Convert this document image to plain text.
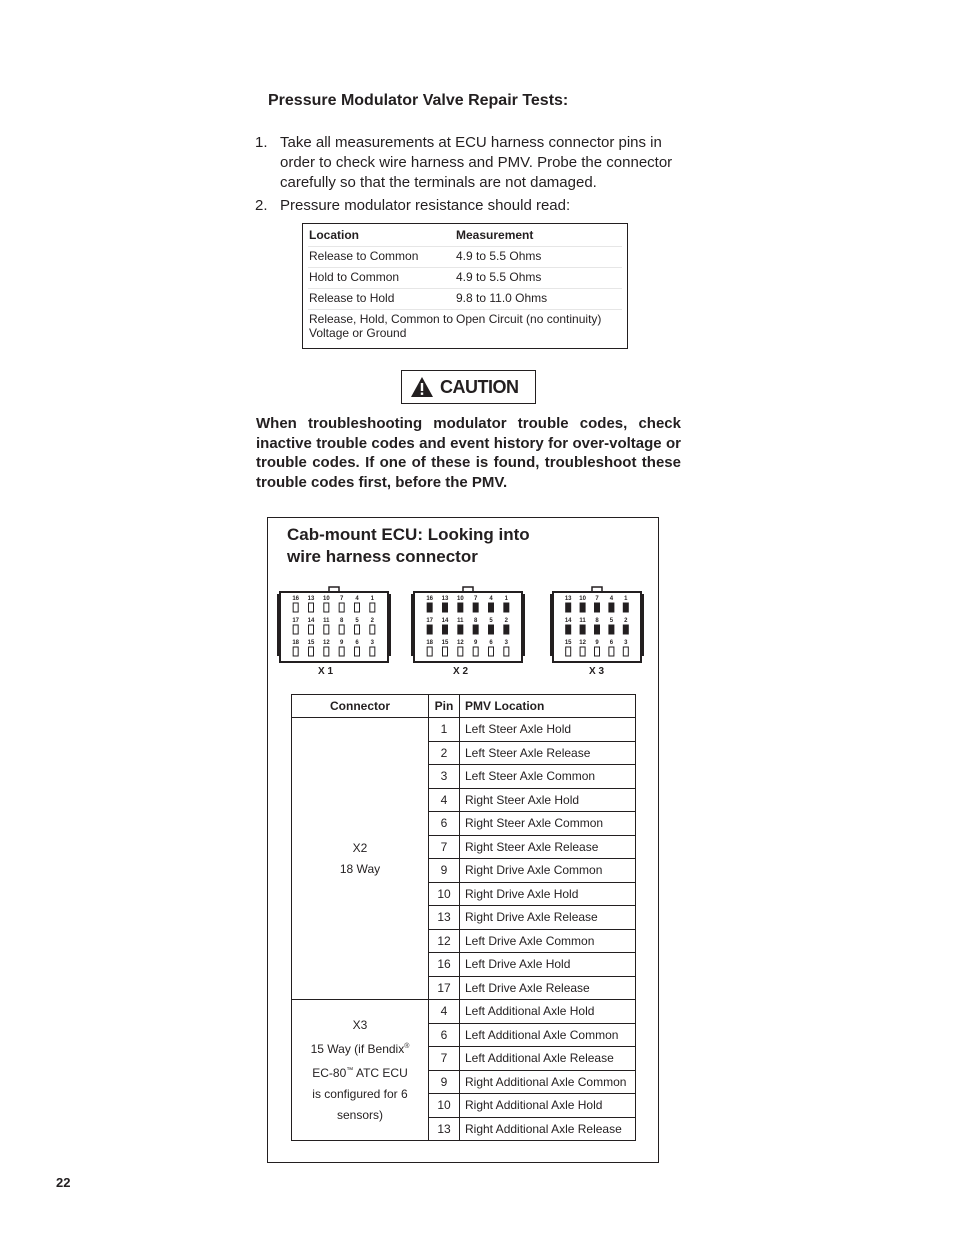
Pressure Modulator Valve Repair Tests:
1. Take all measurements at ECU harness connector pins in order to check wire harness and PMV. Probe the connector carefully so that the terminals are not damaged.
2. Pressure modulator resistance should read:
Location	Measurement
Release to Common	4.9 to 5.5 Ohms
Hold to Common	4.9 to 5.5 Ohms
Release to Hold	9.8 to 11.0 Ohms
Release, Hold, Common to Voltage or Ground
Open Circuit (no continuity)
CAUTION
When troubleshooting modulator trouble codes, check inactive trouble codes and event history for over-voltage or trouble codes. If one of these is found, troubleshoot these trouble codes first, before the PMV.
Cab-mount ECU: Looking into
wire harness connector
16 13 10 7 4 1
17 14 11 8 5 2
18 15 12 9 6 3
16 13 10 7 4 1
17 14 11 8 5 2
18 15 12 9 6 3
13 10 7 4 1
14 11 8 5 2
15 12 9 6 3
X 1	X 2	X 3
Connector	Pin	PMV Location

X2
18 Way	1	Left Steer Axle Hold
	2	Left Steer Axle Release
	3	Left Steer Axle Common
	4	Right Steer Axle Hold
	6	Right Steer Axle Common
	7	Right Steer Axle Release
	9	Right Drive Axle Common
	10	Right Drive Axle Hold
	13	Right Drive Axle Release
	12	Left Drive Axle Common
	16	Left Drive Axle Hold
	17	Left Drive Axle Release

X3
15 Way (if Bendix®
EC-80™ ATC ECU
is configured for 6
sensors)	4	Left Additional Axle Hold
	6	Left Additional Axle Common
	7	Left Additional Axle Release
	9	Right Additional Axle Common
	10	Right Additional Axle Hold
	13	Right Additional Axle Release
22
